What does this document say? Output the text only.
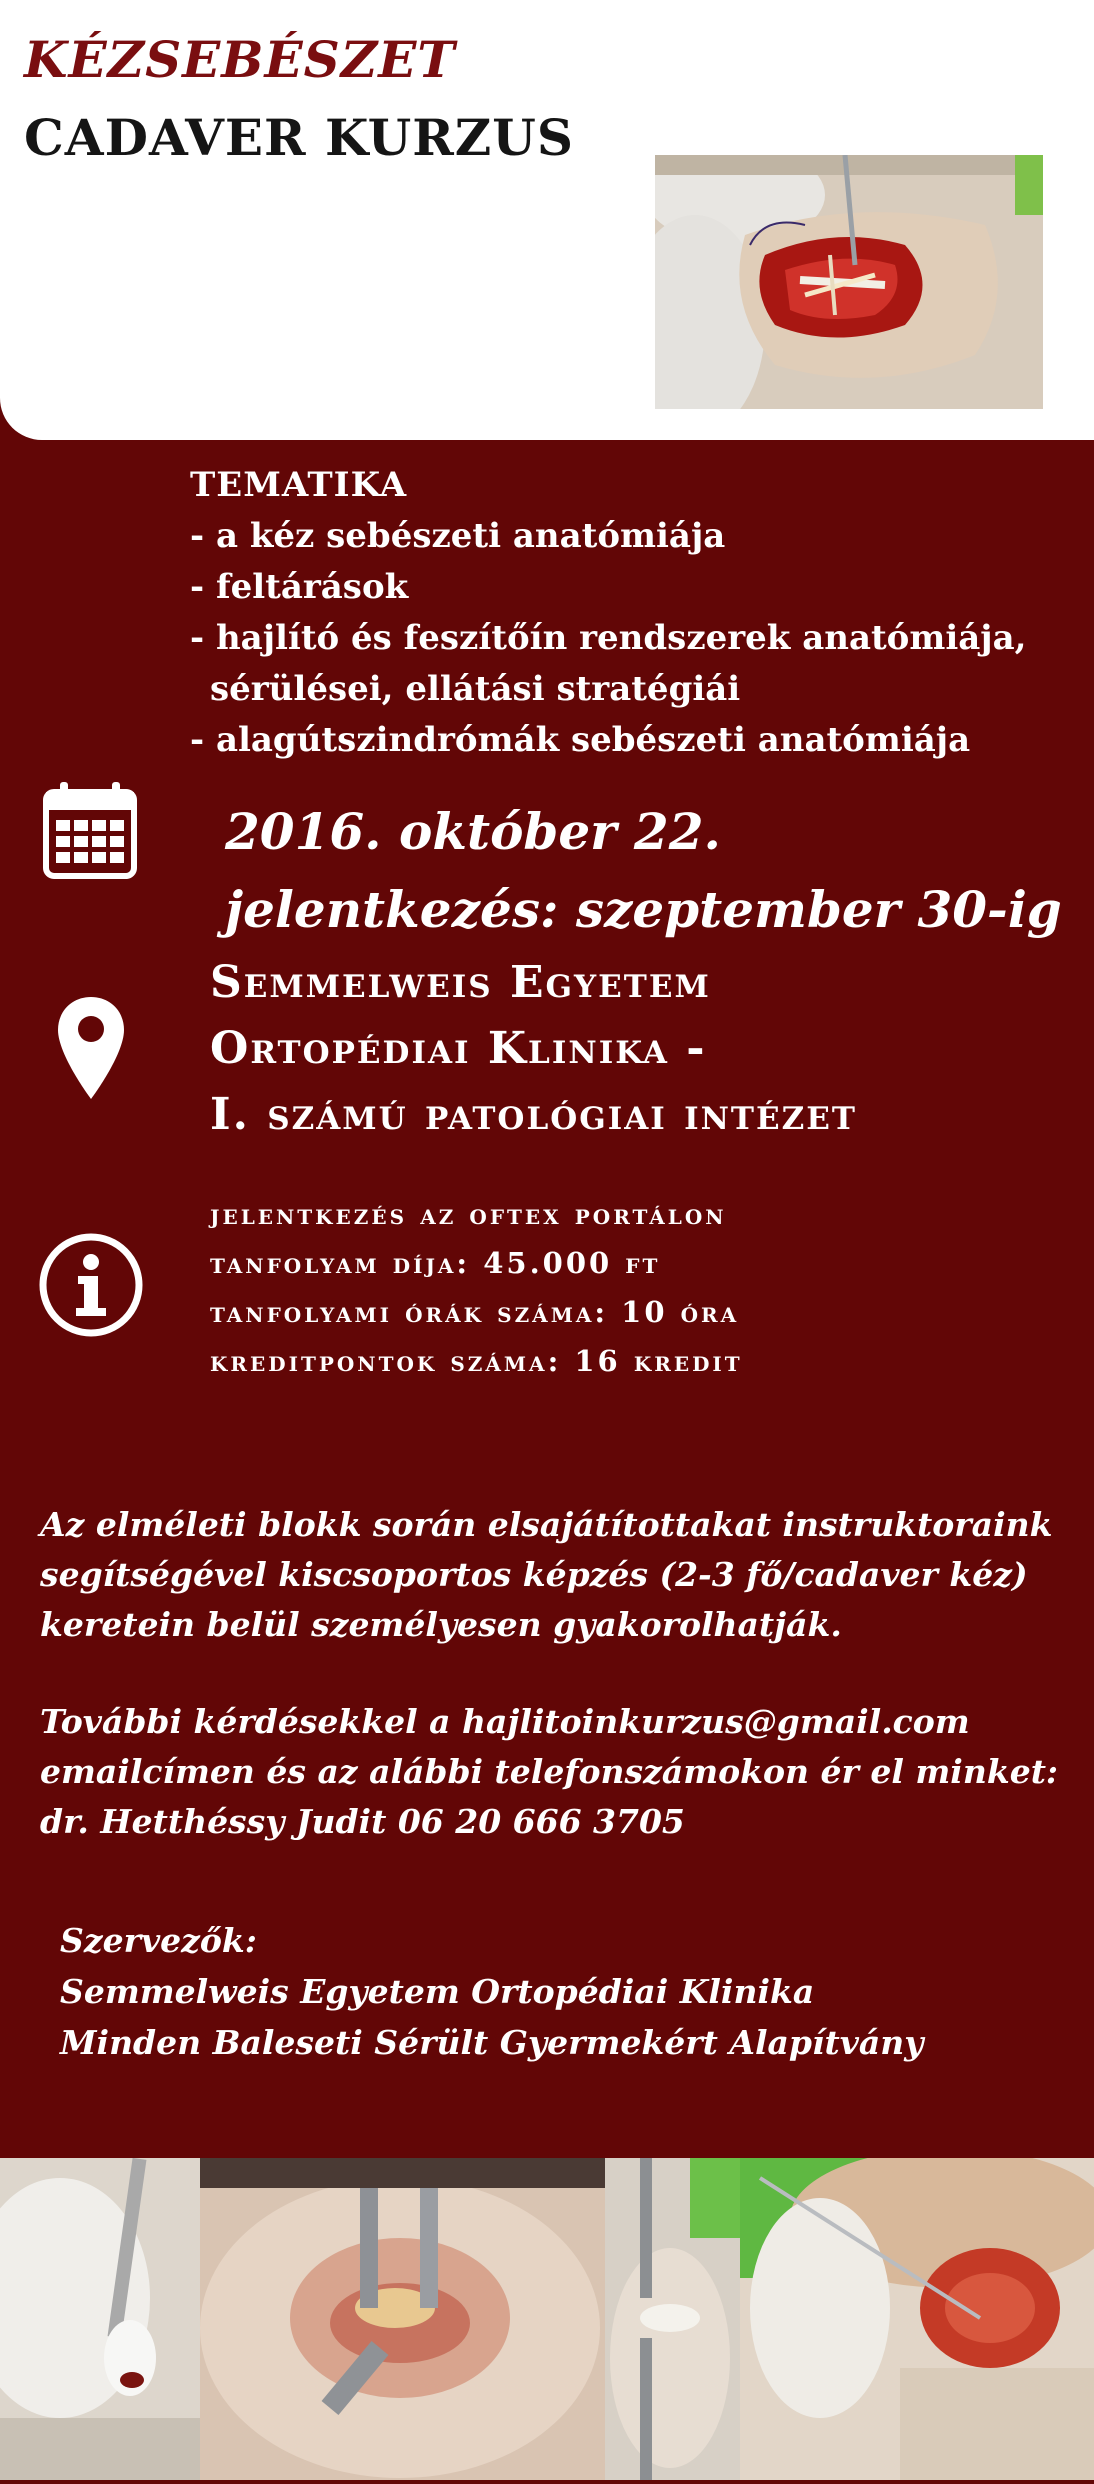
KÉZSEBÉSZET
CADAVER KURZUS
TEMATIKA
- a kéz sebészeti anatómiája
- feltárások
- hajlító és feszítőín rendszerek anatómiája,
sérülései, ellátási stratégiái
- alagútszindrómák sebészeti anatómiája
2016. október 22.
jelentkezés: szeptember 30-ig
Semmelweis Egyetem
Ortopédiai Klinika -
I. számú patológiai intézet
jelentkezés az oftex portálon
tanfolyam díja: 45.000 ft
tanfolyami órák száma: 10 óra
kreditpontok száma: 16 kredit
Az elméleti blokk során elsajátítottakat instruktoraink
segítségével kiscsoportos képzés (2-3 fő/cadaver kéz)
keretein belül személyesen gyakorolhatják.
További kérdésekkel a hajlitoinkurzus@gmail.com
emailcímen és az alábbi telefonszámokon ér el minket:
dr. Hetthéssy Judit 06 20 666 3705
Szervezők:
Semmelweis Egyetem Ortopédiai Klinika
Minden Baleseti Sérült Gyermekért Alapítvány
